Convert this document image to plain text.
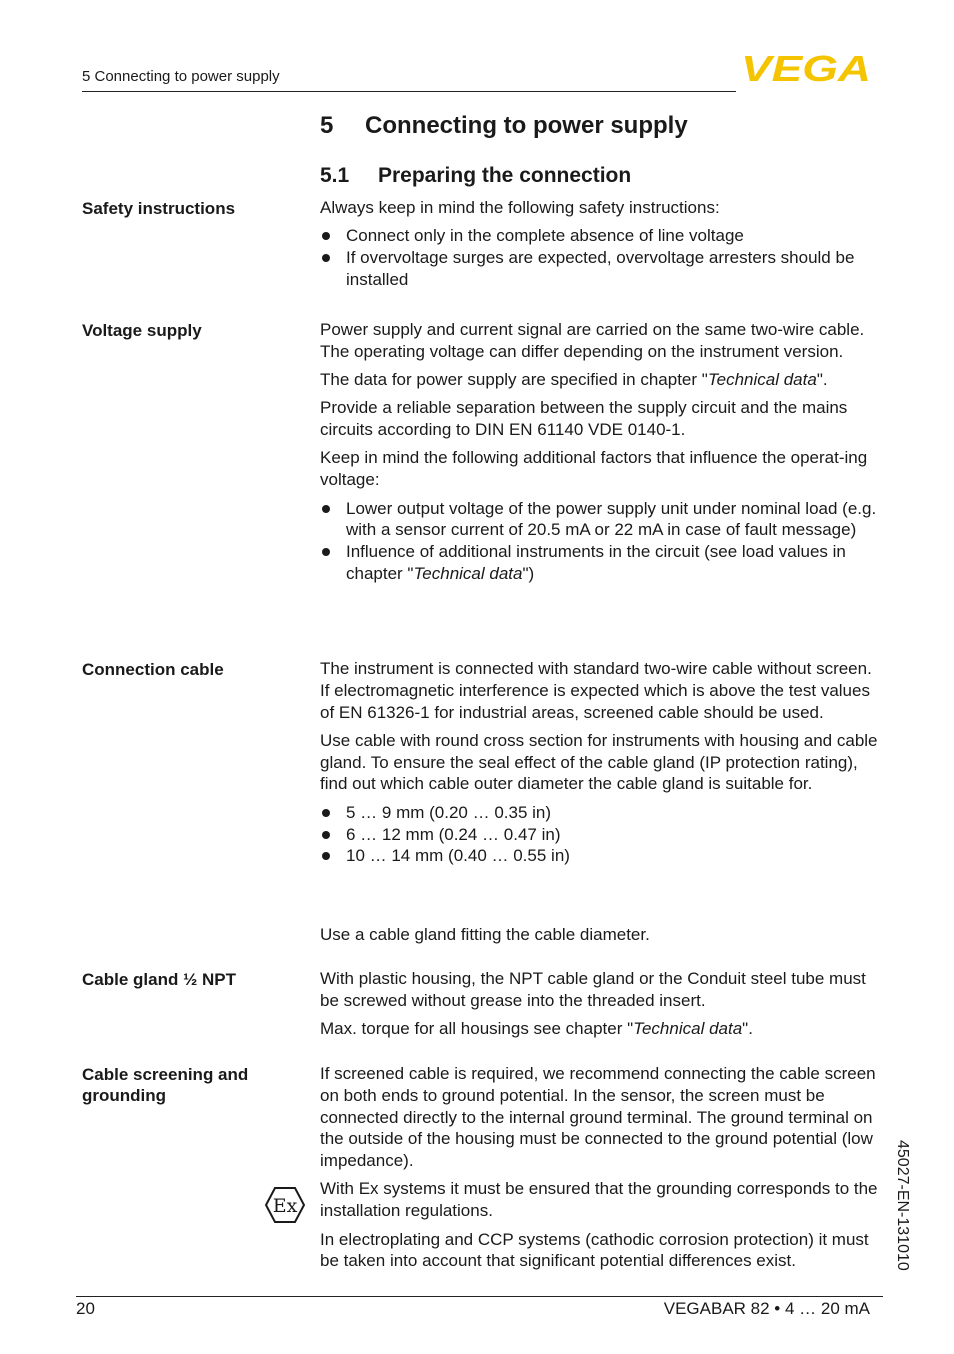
5 Connecting to power supply	VEGA
5 Connecting to power supply
5.1 Preparing the connection
Safety instructions	Always keep in mind the following safety instructions:

Connect only in the complete absence of line voltage
If overvoltage surges are expected, overvoltage arresters should be installed
Voltage supply	Power supply and current signal are carried on the same two-wire cable. The operating voltage can differ depending on the instrument version.

The data for power supply are specified in chapter "Technical data".

Provide a reliable separation between the supply circuit and the mains circuits according to DIN EN 61140 VDE 0140-1.

Keep in mind the following additional factors that influence the operat-ing voltage:

Lower output voltage of the power supply unit under nominal load (e.g. with a sensor current of 20.5 mA or 22 mA in case of fault message)
Influence of additional instruments in the circuit (see load values in chapter "Technical data")
Connection cable	The instrument is connected with standard two-wire cable without screen. If electromagnetic interference is expected which is above the test values of EN 61326-1 for industrial areas, screened cable should be used.

Use cable with round cross section for instruments with housing and cable gland. To ensure the seal effect of the cable gland (IP protection rating), find out which cable outer diameter the cable gland is suitable for.

5 … 9 mm (0.20 … 0.35 in)
6 … 12 mm (0.24 … 0.47 in)
10 … 14 mm (0.40 … 0.55 in)
Use a cable gland fitting the cable diameter.
Cable gland ½ NPT	With plastic housing, the NPT cable gland or the Conduit steel tube must be screwed without grease into the threaded insert.

Max. torque for all housings see chapter "Technical data".

Cable screening and grounding

If screened cable is required, we recommend connecting the cable screen on both ends to ground potential. In the sensor, the screen must be connected directly to the internal ground terminal. The ground terminal on the outside of the housing must be connected to the ground potential (low impedance).

With Ex systems it must be ensured that the grounding corresponds to the installation regulations.

In electroplating and CCP systems (cathodic corrosion protection) it must be taken into account that significant potential differences exist.

Ex	45027-EN-131010
20	VEGABAR 82 • 4 … 20 mA
